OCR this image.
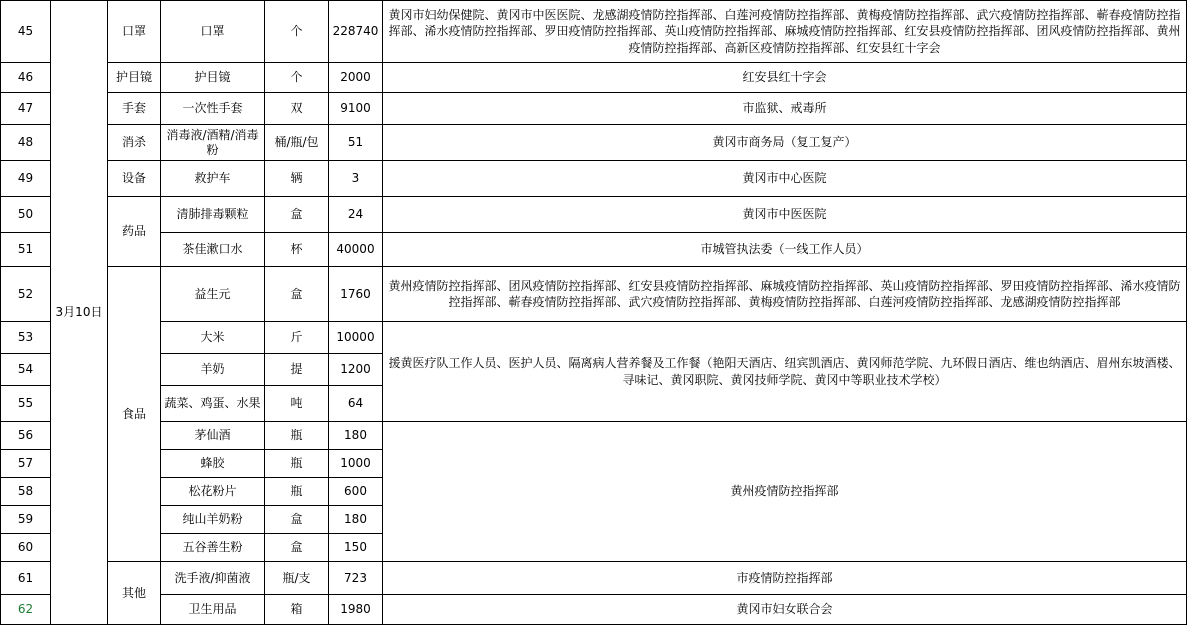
45	3月10日	口罩	口罩	个	228740	黄冈市妇幼保健院、黄冈市中医医院、龙感湖疫情防控指挥部、白莲河疫情防控指挥部、黄梅疫情防控指挥部、武穴疫情防控指挥部、蕲春疫情防控指挥部、浠水疫情防控指挥部、罗田疫情防控指挥部、英山疫情防控指挥部、麻城疫情防控指挥部、红安县疫情防控指挥部、团风疫情防控指挥部、黄州疫情防控指挥部、高新区疫情防控指挥部、红安县红十字会
46		护目镜	护目镜	个	2000	红安县红十字会
47		手套	一次性手套	双	9100	市监狱、戒毒所
48		消杀	消毒液/酒精/消毒粉	桶/瓶/包	51	黄冈市商务局（复工复产）
49		设备	救护车	辆	3	黄冈市中心医院
50		药品	清肺排毒颗粒	盒	24	黄冈市中医医院
51			茶佳漱口水	杯	40000	市城管执法委（一线工作人员）
52		食品	益生元	盒	1760	黄州疫情防控指挥部、团风疫情防控指挥部、红安县疫情防控指挥部、麻城疫情防控指挥部、英山疫情防控指挥部、罗田疫情防控指挥部、浠水疫情防控指挥部、蕲春疫情防控指挥部、武穴疫情防控指挥部、黄梅疫情防控指挥部、白莲河疫情防控指挥部、龙感湖疫情防控指挥部
53			大米	斤	10000	援黄医疗队工作人员、医护人员、隔离病人营养餐及工作餐（艳阳天酒店、纽宾凯酒店、黄冈师范学院、九环假日酒店、维也纳酒店、眉州东坡酒楼、寻味记、黄冈职院、黄冈技师学院、黄冈中等职业技术学校）
54			羊奶	提	1200	
55			蔬菜、鸡蛋、水果	吨	64	
56			茅仙酒	瓶	180	黄州疫情防控指挥部
57			蜂胶	瓶	1000	
58			松花粉片	瓶	600	
59			纯山羊奶粉	盒	180	
60			五谷善生粉	盒	150	
61		其他	洗手液/抑菌液	瓶/支	723	市疫情防控指挥部
62			卫生用品	箱	1980	黄冈市妇女联合会
